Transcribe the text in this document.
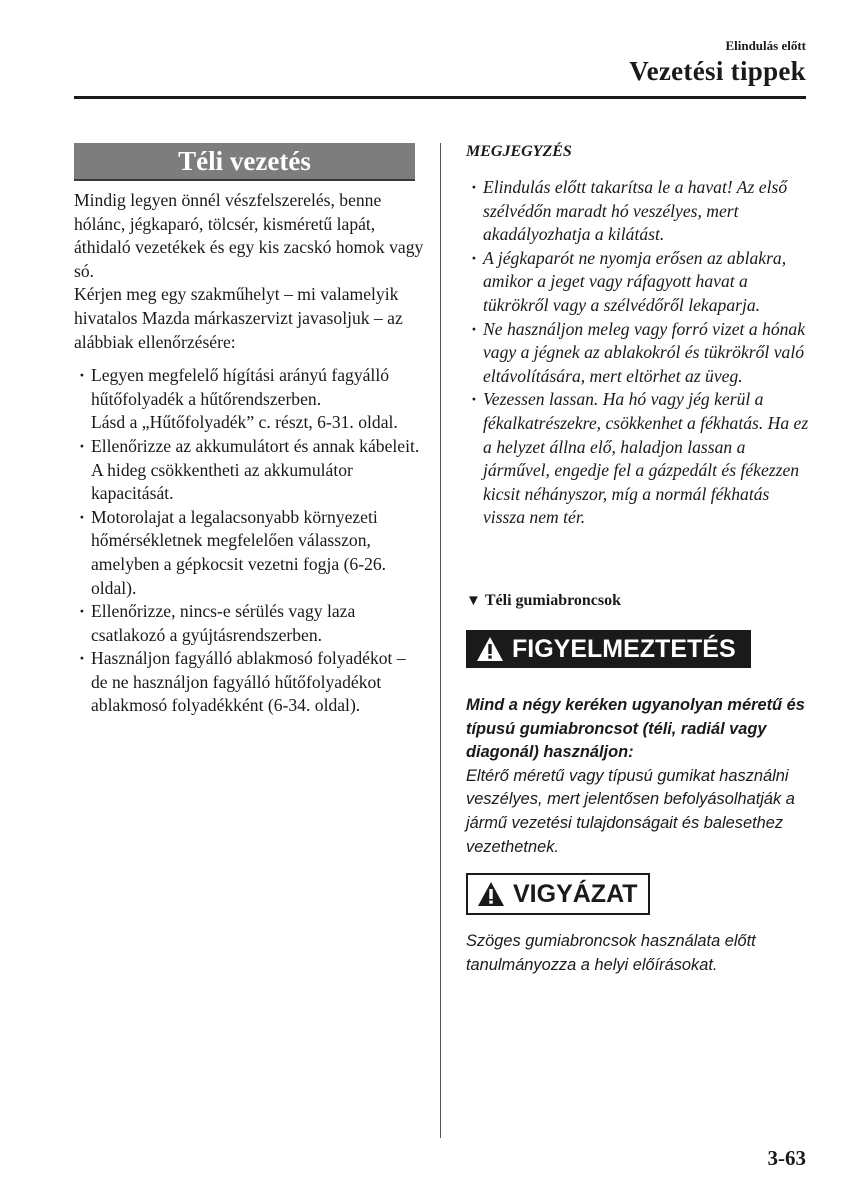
Elindulás előtt
Vezetési tippek
Téli vezetés

Mindig legyen önnél vészfelszerelés, benne hólánc, jégkaparó, tölcsér, kisméretű lapát, áthidaló vezetékek és egy kis zacskó homok vagy só.

Kérjen meg egy szakműhelyt – mi valamelyik hivatalos Mazda márkaszervizt javasoljuk – az alábbiak ellenőrzésére:

· Legyen megfelelő hígítási arányú fagyálló hűtőfolyadék a hűtőrendszerben.
Lásd a „Hűtőfolyadék” c. részt, 6-31. oldal.
· Ellenőrizze az akkumulátort és annak kábeleit. A hideg csökkentheti az akkumulátor kapacitását.
· Motorolajat a legalacsonyabb környezeti hőmérsékletnek megfelelően válasszon, amelyben a gépkocsit vezetni fogja (6-26. oldal).
· Ellenőrizze, nincs-e sérülés vagy laza csatlakozó a gyújtásrendszerben.
· Használjon fagyálló ablakmosó folyadékot – de ne használjon fagyálló hűtőfolyadékot ablakmosó folyadékként (6-34. oldal).
MEGJEGYZÉS
· Elindulás előtt takarítsa le a havat! Az első szélvédőn maradt hó veszélyes, mert akadályozhatja a kilátást.
· A jégkaparót ne nyomja erősen az ablakra, amikor a jeget vagy ráfagyott havat a tükrökről vagy a szélvédőről lekaparja.
· Ne használjon meleg vagy forró vizet a hónak vagy a jégnek az ablakokról és tükrökről való eltávolítására, mert eltörhet az üveg.
· Vezessen lassan. Ha hó vagy jég kerül a fékalkatrészekre, csökkenhet a fékhatás. Ha ez a helyzet állna elő, haladjon lassan a járművel, engedje fel a gázpedált és fékezzen kicsit néhányszor, míg a normál fékhatás vissza nem tér.
▼ Téli gumiabroncsok
FIGYELMEZTETÉS
Mind a négy keréken ugyanolyan méretű és típusú gumiabroncsot (téli, radiál vagy diagonál) használjon:
Eltérő méretű vagy típusú gumikat használni veszélyes, mert jelentősen befolyásolhatják a jármű vezetési tulajdonságait és balesethez vezethetnek.
VIGYÁZAT
Szöges gumiabroncsok használata előtt tanulmányozza a helyi előírásokat.
3-63
